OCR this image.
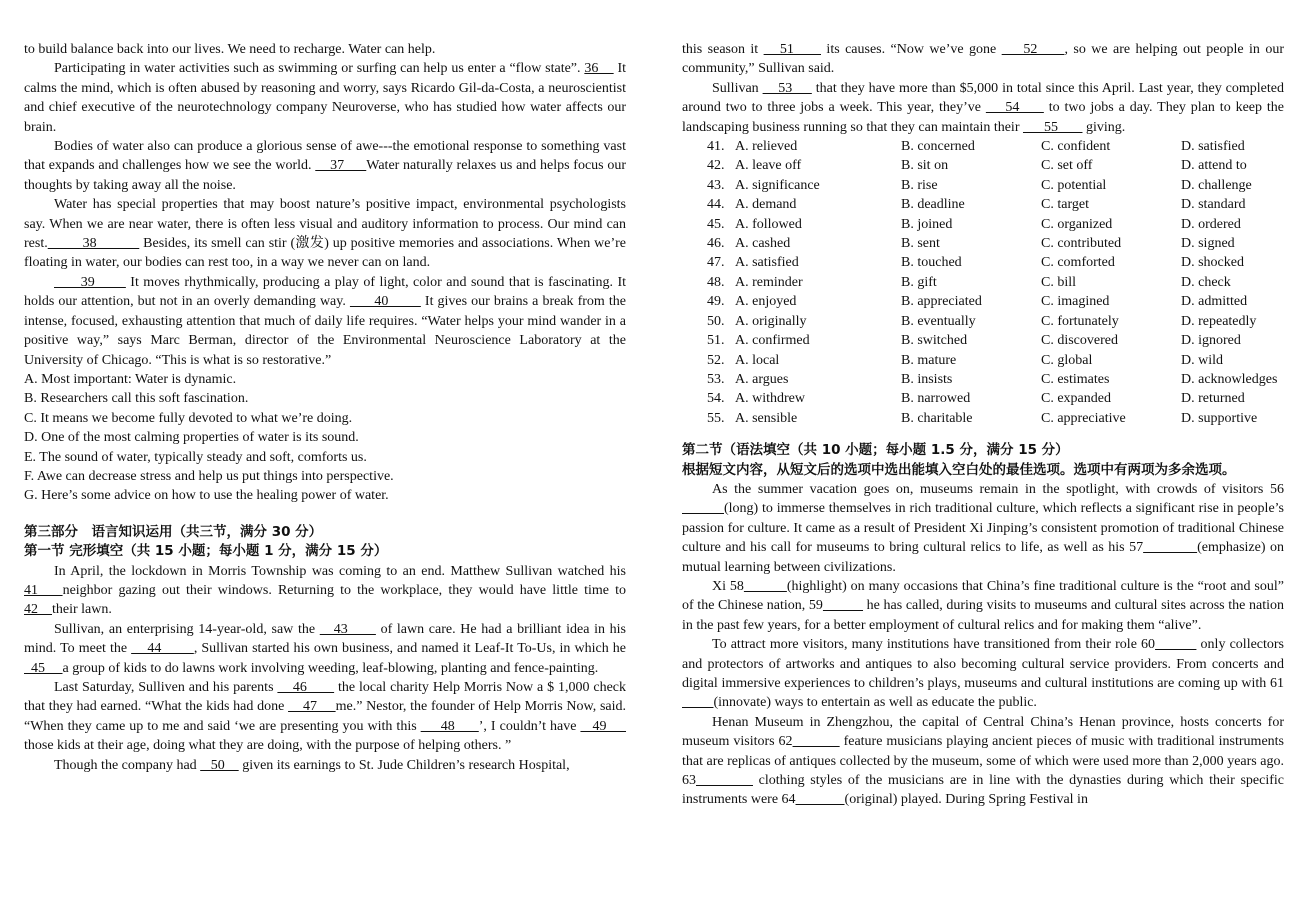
to build balance back into our lives. We need to recharge. Water can help.

Participating in water activities such as swimming or surfing can help us enter a “flow state”. 36     It calms the mind, which is often abused by reasoning and worry, says Ricardo Gil-da-Costa, a neuroscientist and chief executive of the neurotechnology company Neuroverse, who has studied how water affects our brain.

Bodies of water also can produce a glorious sense of awe---the emotional response to something vast that expands and challenges how we see the world.     37      Water naturally relaxes us and helps focus our thoughts by taking away all the noise.

Water has special properties that may boost nature’s positive impact, environmental psychologists say. When we are near water, there is often less visual and auditory information to process. Our mind can rest.         38            Besides, its smell can stir (激发) up positive memories and associations. When we’re floating in water, our bodies can rest too, in a way we never can on land.

39        It moves rhythmically, producing a play of light, color and sound that is fascinating. It holds our attention, but not in an overly demanding way.       40         It gives our brains a break from the intense, focused, exhausting attention that much of daily life requires. “Water helps your mind wander in a positive way,” says Marc Berman, director of the Environmental Neuroscience Laboratory at the University of Chicago. “This is what is so restorative.”

A. Most important: Water is dynamic.

B. Researchers call this soft fascination.

C. It means we become fully devoted to what we’re doing.

D. One of the most calming properties of water is its sound.

E. The sound of water, typically steady and soft, comforts us.

F. Awe can decrease stress and help us put things into perspective.

G. Here’s some advice on how to use the healing power of water.

第三部分　语言知识运用（共三节，满分 30 分）

第一节 完形填空（共 15 小题；每小题 1 分，满分 15 分）

In April, the lockdown in Morris Township was coming to an end. Matthew Sullivan watched his 41    neighbor gazing out their windows. Returning to the workplace, they would have little time to 42    their lawn.

Sullivan, an enterprising 14-year-old, saw the    43       of lawn care. He had a brilliant idea in his mind. To meet the     44        , Sullivan started his own business, and named it Leaf-It To-Us, in which he   45     a group of kids to do lawns work involving weeding, leaf-blowing, planting and fence-painting.

Last Saturday, Sulliven and his parents     46        the local charity Help Morris Now a $ 1,000 check that they had earned. “What the kids had done     47     me.” Nestor, the founder of Help Morris Now, said. “When they came up to me and said ‘we are presenting you with this      48      ’, I couldn’t have    49      those kids at their age, doing what they are doing, with the purpose of helping others. ”

Though the company had    50     given its earnings to St. Jude Children’s research Hospital,

this season it    51      its causes. “Now we’ve gone     52     , so we are helping out people in our community,” Sullivan said.

Sullivan     53      that they have more than $5,000 in total since this April. Last year, they completed around two to three jobs a week. This year, they’ve     54      to two jobs a day. They plan to keep the landscaping business running so that they can maintain their       55        giving.

41. A. relieved	B. concerned	C. confident	D. satisfied
42. A. leave off	B. sit on	C. set off	D. attend to
43. A. significance	B. rise	C. potential	D. challenge
44. A. demand	B. deadline	C. target	D. standard
45. A. followed	B. joined	C. organized	D. ordered
46. A. cashed	B. sent	C. contributed	D. signed
47. A. satisfied	B. touched	C. comforted	D. shocked
48. A. reminder	B. gift	C. bill	D. check
49. A. enjoyed	B. appreciated	C. imagined	D. admitted
50. A. originally	B. eventually	C. fortunately	D. repeatedly
51. A. confirmed	B. switched	C. discovered	D. ignored
52. A. local	B. mature	C. global	D. wild
53. A. argues	B. insists	C. estimates	D. acknowledges
54. A. withdrew	B. narrowed	C. expanded	D. returned
55. A. sensible	B. charitable	C. appreciative	D. supportive

第二节（语法填空（共 10 小题；每小题 1.5 分，满分 15 分）

根据短文内容，从短文后的选项中选出能填入空白处的最佳选项。选项中有两项为多余选项。

As the summer vacation goes on, museums remain in the spotlight, with crowds of visitors 56           (long) to immerse themselves in rich traditional culture, which reflects a significant rise in people’s passion for culture. It came as a result of President Xi Jinping’s consistent promotion of traditional Chinese culture and his call for museums to bring cultural relics to life, as well as his 57	(emphasize) on mutual learning between civilizations.

Xi 58	(highlight) on many occasions that China’s fine traditional culture is the “root and soul” of the Chinese nation, 59	he has called, during visits to museums and cultural sites across the nation in the past few years, for a better employment of cultural relics and for making them “alive”.

To attract more visitors, many institutions have transitioned from their role 60	only collectors and protectors of artworks and antiques to also becoming cultural service providers. From concerts and digital immersive experiences to children’s plays, museums and cultural institutions are coming up with 61         (innovate) ways to entertain as well as educate the public.

Henan Museum in Zhengzhou, the capital of Central China’s Henan province, hosts concerts for museum visitors 62	feature musicians playing ancient pieces of music with traditional instruments that are replicas of antiques collected by the museum, some of which were used more than 2,000 years ago. 63	clothing styles of the musicians are in line with the dynasties during which their specific instruments were 64	(original) played. During Spring Festival in
